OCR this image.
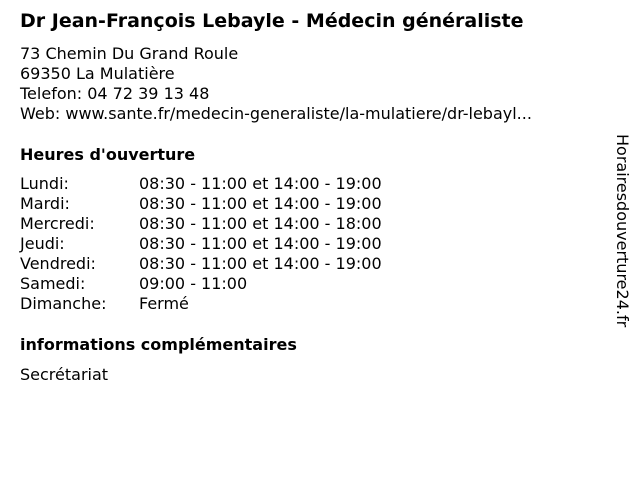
Dr Jean-François Lebayle - Médecin généraliste
73 Chemin Du Grand Roule
69350 La Mulatière
Telefon: 04 72 39 13 48
Web: www.sante.fr/medecin-generaliste/la-mulatiere/dr-lebayl...
Heures d'ouverture
Lundi:	08:30 - 11:00 et 14:00 - 19:00
Mardi:	08:30 - 11:00 et 14:00 - 19:00
Mercredi:	08:30 - 11:00 et 14:00 - 18:00
Jeudi:	08:30 - 11:00 et 14:00 - 19:00
Vendredi:	08:30 - 11:00 et 14:00 - 19:00
Samedi:	09:00 - 11:00
Dimanche: Fermé
informations complémentaires
Secrétariat
Horairesdouverture24.fr
